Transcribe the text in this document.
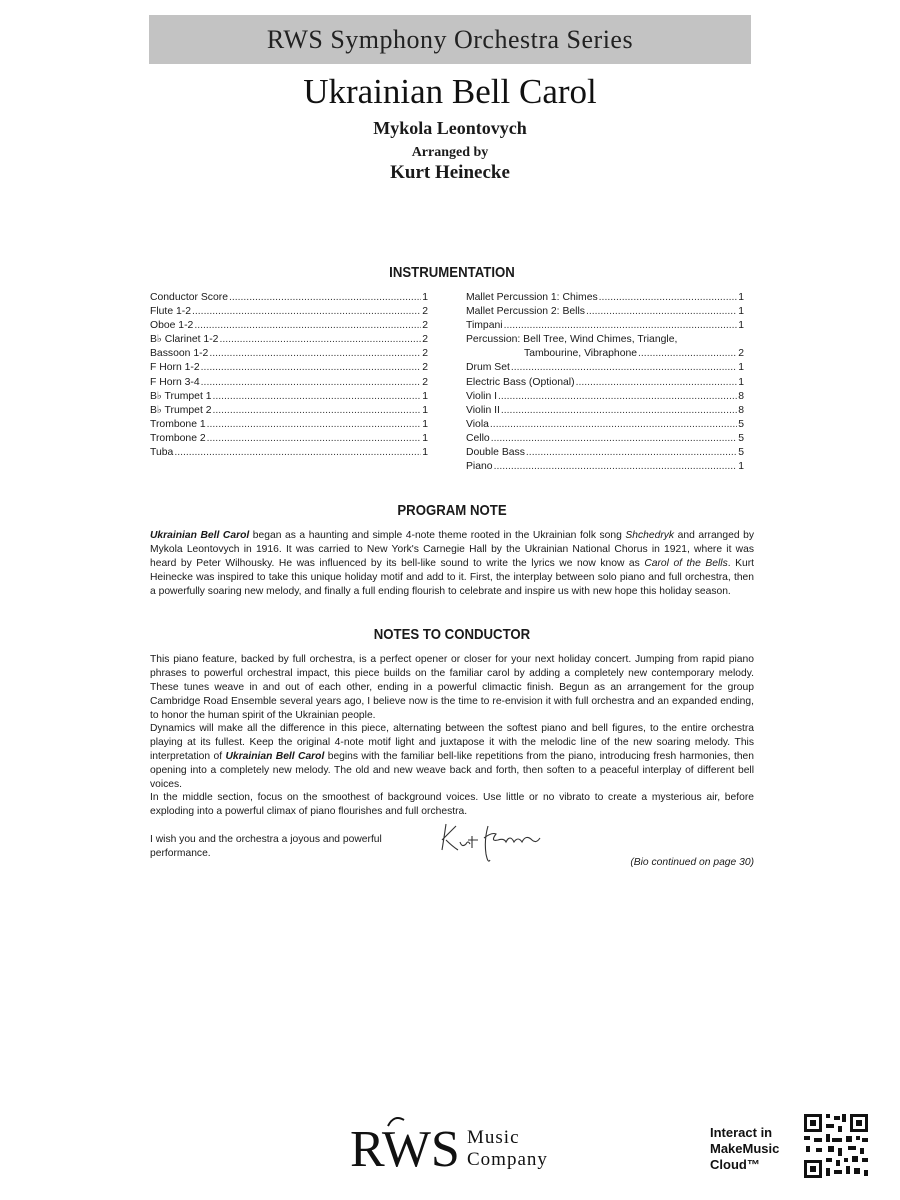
RWS Symphony Orchestra Series
Ukrainian Bell Carol
Mykola Leontovych
Arranged by
Kurt Heinecke
INSTRUMENTATION
Conductor Score .....	1
Flute 1-2 .....	2
Oboe 1-2 .....	2
B♭ Clarinet 1-2 .....	2
Bassoon 1-2 .....	2
F Horn 1-2 .....	2
F Horn 3-4 .....	2
B♭ Trumpet 1 .....	1
B♭ Trumpet 2 .....	1
Trombone 1 .....	1
Trombone 2 .....	1
Tuba .....	1
Mallet Percussion 1: Chimes .....	1
Mallet Percussion 2: Bells .....	1
Timpani .....	1
Percussion: Bell Tree, Wind Chimes, Triangle,
Tambourine, Vibraphone .....	2
Drum Set .....	1
Electric Bass (Optional) .....	1
Violin I .....	8
Violin II .....	8
Viola .....	5
Cello .....	5
Double Bass .....	5
Piano .....	1
PROGRAM NOTE
Ukrainian Bell Carol began as a haunting and simple 4-note theme rooted in the Ukrainian folk song Shchedryk and arranged by Mykola Leontovych in 1916. It was carried to New York's Carnegie Hall by the Ukrainian National Chorus in 1921, where it was heard by Peter Wilhousky. He was influenced by its bell-like sound to write the lyrics we now know as Carol of the Bells. Kurt Heinecke was inspired to take this unique holiday motif and add to it. First, the interplay between solo piano and full orchestra, then a powerfully soaring new melody, and finally a full ending flourish to celebrate and inspire us with new hope this holiday season.
NOTES TO CONDUCTOR
This piano feature, backed by full orchestra, is a perfect opener or closer for your next holiday concert. Jumping from rapid piano phrases to powerful orchestral impact, this piece builds on the familiar carol by adding a completely new contemporary melody. These tunes weave in and out of each other, ending in a powerful climactic finish. Begun as an arrangement for the group Cambridge Road Ensemble several years ago, I believe now is the time to re-envision it with full orchestra and an expanded ending, to honor the human spirit of the Ukrainian people.
Dynamics will make all the difference in this piece, alternating between the softest piano and bell figures, to the entire orchestra playing at its fullest. Keep the original 4-note motif light and juxtapose it with the melodic line of the new soaring melody. This interpretation of Ukrainian Bell Carol begins with the familiar bell-like repetitions from the piano, introducing fresh harmonies, then opening into a completely new melody. The old and new weave back and forth, then soften to a peaceful interplay of different bell voices.
In the middle section, focus on the smoothest of background voices. Use little or no vibrato to create a mysterious air, before exploding into a powerful climax of piano flourishes and full orchestra.
I wish you and the orchestra a joyous and powerful performance.
(Bio continued on page 30)
RWS Music
Company
Interact in
MakeMusic
Cloud™
